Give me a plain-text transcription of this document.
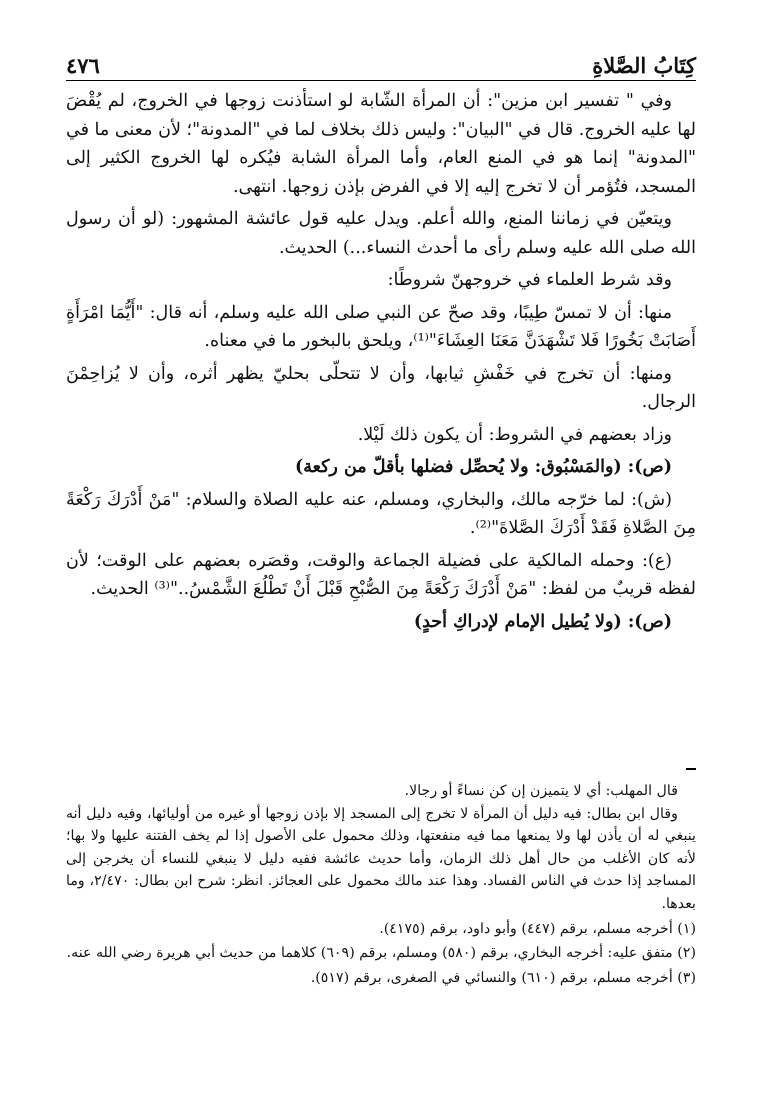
كِتَابُ الصَّلاةِ
٤٧٦

وفي " تفسير ابن مزين": أن المرأة الشّابة لو استأذنت زوجها في الخروج، لم يُقْضَ لها عليه الخروج. قال في "البيان": وليس ذلك بخلاف لما في "المدونة"؛ لأن معنى ما في "المدونة" إنما هو في المنع العام، وأما المرأة الشابة فيُكره لها الخروج الكثير إلى المسجد، فتُؤمر أن لا تخرج إليه إلا في الفرض بإذن زوجها. انتهى.

ويتعيّن في زماننا المنع، والله أعلم. ويدل عليه قول عائشة المشهور: (لو أن رسول الله صلى الله عليه وسلم رأى ما أحدث النساء...) الحديث.

وقد شرط العلماء في خروجهنّ شروطًا:

منها: أن لا تمسّ طِيبًا، وقد صحّ عن النبي صلى الله عليه وسلم، أنه قال: "أَيُّمَا امْرَأَةٍ أَصَابَتْ بَخُورًا فَلا تَشْهَدَنَّ مَعَنَا العِشَاءَ"⁽¹⁾، ويلحق بالبخور ما في معناه.

ومنها: أن تخرج في خَفْشِ ثيابها، وأن لا تتحلّى بحليّ يظهر أثره، وأن لا يُزاحِمْنَ الرجال.

وزاد بعضهم في الشروط: أن يكون ذلك لَيْلا.

(ص): (والمَسْبُوق: ولا يُحصِّل فضلها بأقلّ من ركعة)

(ش): لما خرّجه مالك، والبخاري، ومسلم، عنه عليه الصلاة والسلام: "مَنْ أَدْرَكَ رَكْعَةً مِنَ الصَّلاةِ فَقَدْ أَدْرَكَ الصَّلاةَ"⁽²⁾.

(ع): وحمله المالكية على فضيلة الجماعة والوقت، وقصَره بعضهم على الوقت؛ لأن لفظه قريبٌ من لفظ: "مَنْ أَدْرَكَ رَكْعَةً مِنَ الصُّبْحِ قَبْلَ أَنْ تَطْلُعَ الشَّمْسُ.."⁽³⁾ الحديث.

(ص): (ولا يُطيل الإمام لإدراكِ أحدٍ)

قال المهلب: أي لا يتميزن إن كن نساءً أو رجالا.

وقال ابن بطال: فيه دليل أن المرأة لا تخرج إلى المسجد إلا بإذن زوجها أو غيره من أوليائها، وفيه دليل أنه ينبغي له أن يأذن لها ولا يمنعها مما فيه منفعتها، وذلك محمول على الأصول إذا لم يخف الفتنة عليها ولا بها؛ لأنه كان الأغلب من حال أهل ذلك الزمان، وأما حديث عائشة ففيه دليل لا ينبغي للنساء أن يخرجن إلى المساجد إذا حدث في الناس الفساد. وهذا عند مالك محمول على العجائز. انظر: شرح ابن بطال: ٢/٤٧٠، وما بعدها.

(١) أخرجه مسلم، برقم (٤٤٧) وأبو داود، برقم (٤١٧٥).

(٢) متفق عليه: أخرجه البخاري، برقم (٥٨٠) ومسلم، برقم (٦٠٩) كلاهما من حديث أبي هريرة رضي الله عنه.

(٣) أخرجه مسلم، برقم (٦١٠) والنسائي في الصغرى، برقم (٥١٧).
